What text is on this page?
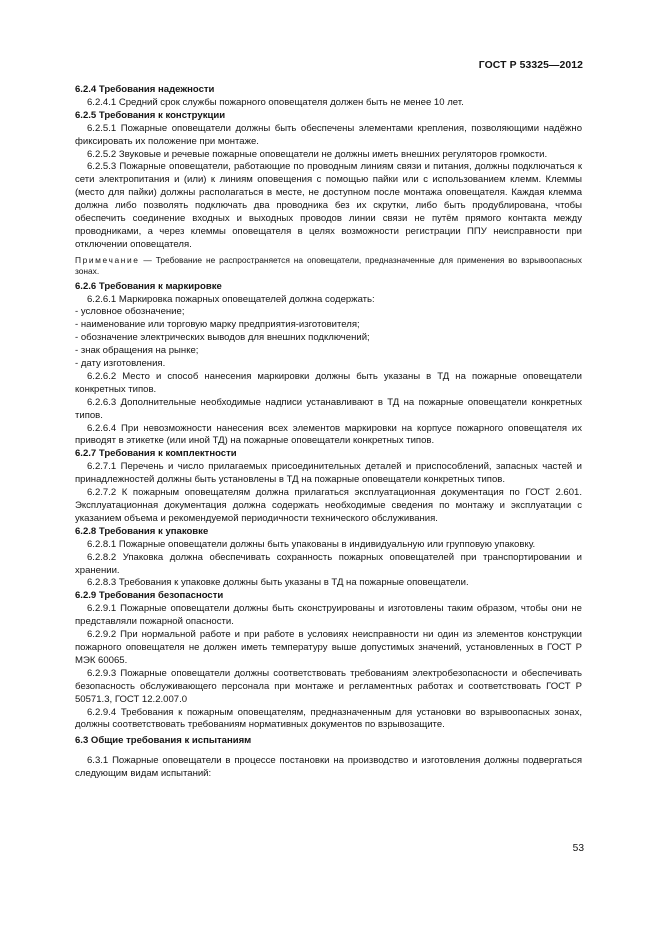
ГОСТ Р 53325—2012

6.2.4 Требования надежности

6.2.4.1 Средний срок службы пожарного оповещателя должен быть не менее 10 лет.

6.2.5 Требования к конструкции

6.2.5.1 Пожарные оповещатели должны быть обеспечены элементами крепления, позволяющими надёжно фиксировать их положение при монтаже.

6.2.5.2 Звуковые и речевые пожарные оповещатели не должны иметь внешних регуляторов громкости.

6.2.5.3 Пожарные оповещатели, работающие по проводным линиям связи и питания, должны подключаться к сети электропитания и (или) к линиям оповещения с помощью пайки или с использованием клемм. Клеммы (место для пайки) должны располагаться в месте, не доступном после монтажа оповещателя. Каждая клемма должна либо позволять подключать два проводника без их скрутки, либо быть продублирована, чтобы обеспечить соединение входных и выходных проводов линии связи не путём прямого контакта между проводниками, а через клеммы оповещателя в целях возможности регистрации ППУ неисправности при отключении оповещателя.

Примечание — Требование не распространяется на оповещатели, предназначенные для применения во взрывоопасных зонах.

6.2.6 Требования к маркировке

6.2.6.1 Маркировка пожарных оповещателей должна содержать:

- условное обозначение;
- наименование или торговую марку предприятия-изготовителя;
- обозначение электрических выводов для внешних подключений;
- знак обращения на рынке;
- дату изготовления.

6.2.6.2 Место и способ нанесения маркировки должны быть указаны в ТД на пожарные оповещатели конкретных типов.

6.2.6.3 Дополнительные необходимые надписи устанавливают в ТД на пожарные оповещатели конкретных типов.

6.2.6.4 При невозможности нанесения всех элементов маркировки на корпусе пожарного оповещателя их приводят в этикетке (или иной ТД) на пожарные оповещатели конкретных типов.

6.2.7 Требования к комплектности

6.2.7.1 Перечень и число прилагаемых присоединительных деталей и приспособлений, запасных частей и принадлежностей должны быть установлены в ТД на пожарные оповещатели конкретных типов.

6.2.7.2 К пожарным оповещателям должна прилагаться эксплуатационная документация по ГОСТ 2.601. Эксплуатационная документация должна содержать необходимые сведения по монтажу и эксплуатации с указанием объема и рекомендуемой периодичности технического обслуживания.

6.2.8 Требования к упаковке

6.2.8.1 Пожарные оповещатели должны быть упакованы в индивидуальную или групповую упаковку.

6.2.8.2 Упаковка должна обеспечивать сохранность пожарных оповещателей при транспортировании и хранении.

6.2.8.3 Требования к упаковке должны быть указаны в ТД на пожарные оповещатели.

6.2.9 Требования безопасности

6.2.9.1 Пожарные оповещатели должны быть сконструированы и изготовлены таким образом, чтобы они не представляли пожарной опасности.

6.2.9.2 При нормальной работе и при работе в условиях неисправности ни один из элементов конструкции пожарного оповещателя не должен иметь температуру выше допустимых значений, установленных в ГОСТ Р МЭК 60065.

6.2.9.3 Пожарные оповещатели должны соответствовать требованиям электробезопасности и обеспечивать безопасность обслуживающего персонала при монтаже и регламентных работах и соответствовать ГОСТ Р 50571.3, ГОСТ 12.2.007.0

6.2.9.4 Требования к пожарным оповещателям, предназначенным для установки во взрывоопасных зонах, должны соответствовать требованиям нормативных документов по взрывозащите.

6.3 Общие требования к испытаниям

6.3.1 Пожарные оповещатели в процессе постановки на производство и изготовления должны подвергаться следующим видам испытаний:

53
